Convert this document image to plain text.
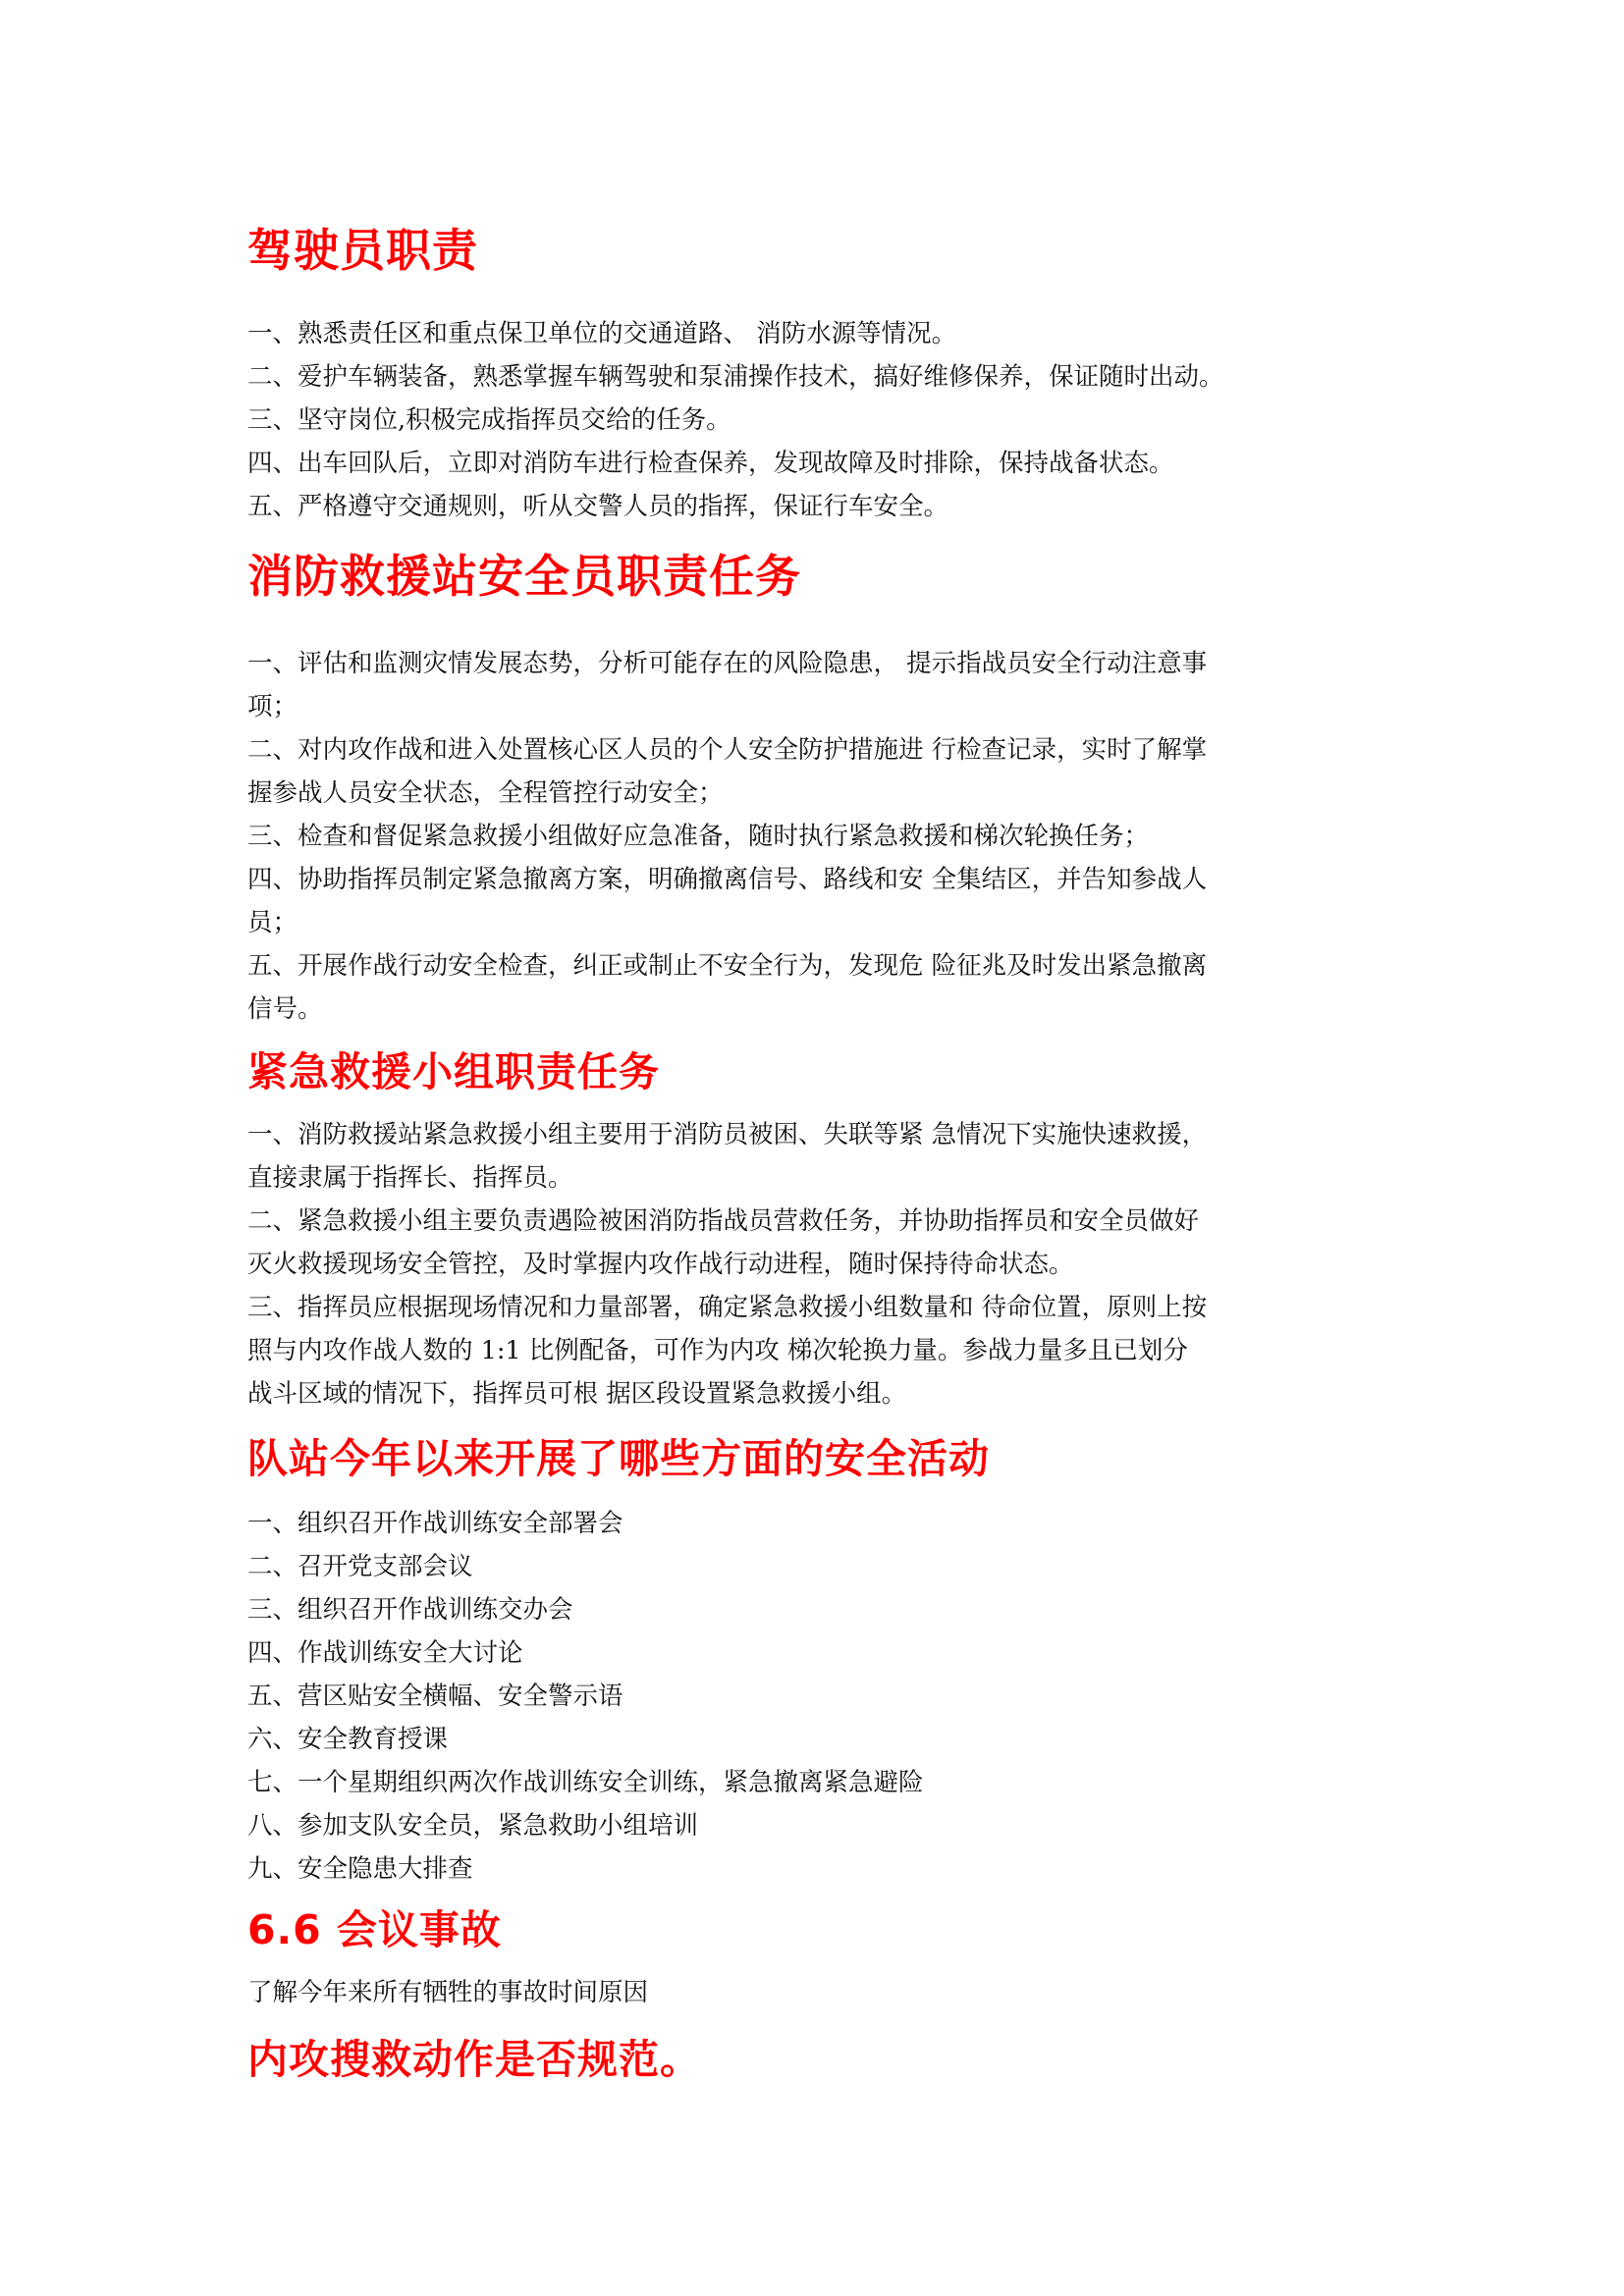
驾驶员职责
一、熟悉责任区和重点保卫单位的交通道路、 消防水源等情况。
二、爱护车辆装备，熟悉掌握车辆驾驶和泵浦操作技术，搞好维修保养，保证随时出动。
三、坚守岗位,积极完成指挥员交给的任务。
四、出车回队后，立即对消防车进行检查保养，发现故障及时排除，保持战备状态。
五、严格遵守交通规则，听从交警人员的指挥，保证行车安全。
消防救援站安全员职责任务
一、评估和监测灾情发展态势，分析可能存在的风险隐患， 提示指战员安全行动注意事
项；
二、对内攻作战和进入处置核心区人员的个人安全防护措施进 行检查记录，实时了解掌
握参战人员安全状态，全程管控行动安全；
三、检查和督促紧急救援小组做好应急准备，随时执行紧急救援和梯次轮换任务；
四、协助指挥员制定紧急撤离方案，明确撤离信号、路线和安 全集结区，并告知参战人
员；
五、开展作战行动安全检查，纠正或制止不安全行为，发现危 险征兆及时发出紧急撤离
信号。
紧急救援小组职责任务
一、消防救援站紧急救援小组主要用于消防员被困、失联等紧 急情况下实施快速救援，
直接隶属于指挥长、指挥员。
二、紧急救援小组主要负责遇险被困消防指战员营救任务，并协助指挥员和安全员做好
灭火救援现场安全管控，及时掌握内攻作战行动进程，随时保持待命状态。
三、指挥员应根据现场情况和力量部署，确定紧急救援小组数量和 待命位置，原则上按
照与内攻作战人数的 1:1 比例配备，可作为内攻 梯次轮换力量。参战力量多且已划分
战斗区域的情况下，指挥员可根 据区段设置紧急救援小组。
队站今年以来开展了哪些方面的安全活动
一、组织召开作战训练安全部署会
二、召开党支部会议
三、组织召开作战训练交办会
四、作战训练安全大讨论
五、营区贴安全横幅、安全警示语
六、安全教育授课
七、一个星期组织两次作战训练安全训练，紧急撤离紧急避险
八、参加支队安全员，紧急救助小组培训
九、安全隐患大排查
6.6 会议事故
了解今年来所有牺牲的事故时间原因
内攻搜救动作是否规范。
